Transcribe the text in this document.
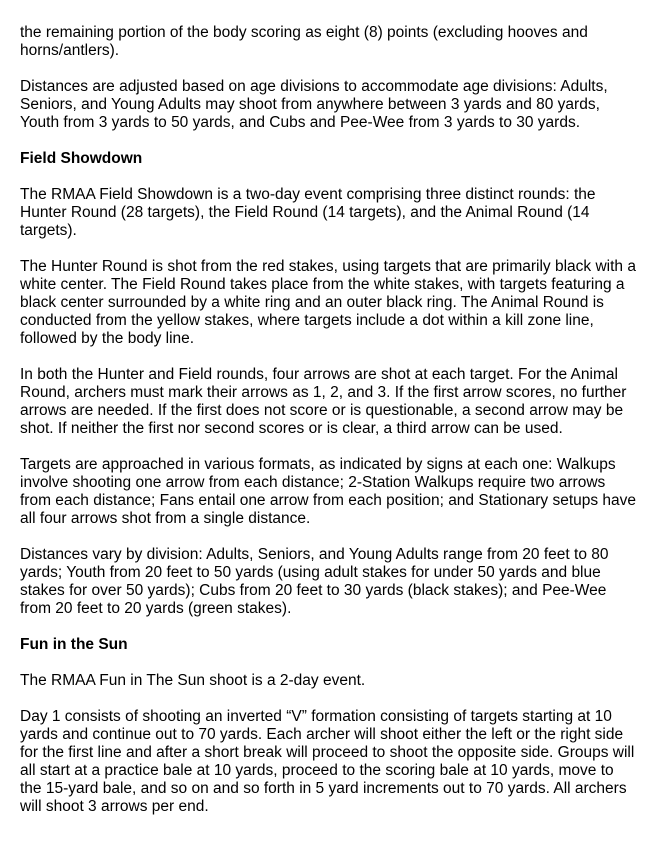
the remaining portion of the body scoring as eight (8) points (excluding hooves and horns/antlers).

Distances are adjusted based on age divisions to accommodate age divisions: Adults, Seniors, and Young Adults may shoot from anywhere between 3 yards and 80 yards, Youth from 3 yards to 50 yards, and Cubs and Pee-Wee from 3 yards to 30 yards.

Field Showdown

The RMAA Field Showdown is a two-day event comprising three distinct rounds: the Hunter Round (28 targets), the Field Round (14 targets), and the Animal Round (14 targets).

The Hunter Round is shot from the red stakes, using targets that are primarily black with a white center. The Field Round takes place from the white stakes, with targets featuring a black center surrounded by a white ring and an outer black ring. The Animal Round is conducted from the yellow stakes, where targets include a dot within a kill zone line, followed by the body line.

In both the Hunter and Field rounds, four arrows are shot at each target. For the Animal Round, archers must mark their arrows as 1, 2, and 3. If the first arrow scores, no further arrows are needed. If the first does not score or is questionable, a second arrow may be shot. If neither the first nor second scores or is clear, a third arrow can be used.

Targets are approached in various formats, as indicated by signs at each one: Walkups involve shooting one arrow from each distance; 2-Station Walkups require two arrows from each distance; Fans entail one arrow from each position; and Stationary setups have all four arrows shot from a single distance.

Distances vary by division: Adults, Seniors, and Young Adults range from 20 feet to 80 yards; Youth from 20 feet to 50 yards (using adult stakes for under 50 yards and blue stakes for over 50 yards); Cubs from 20 feet to 30 yards (black stakes); and Pee-Wee from 20 feet to 20 yards (green stakes).

Fun in the Sun

The RMAA Fun in The Sun shoot is a 2-day event.

Day 1 consists of shooting an inverted “V” formation consisting of targets starting at 10 yards and continue out to 70 yards. Each archer will shoot either the left or the right side for the first line and after a short break will proceed to shoot the opposite side. Groups will all start at a practice bale at 10 yards, proceed to the scoring bale at 10 yards, move to the 15-yard bale, and so on and so forth in 5 yard increments out to 70 yards. All archers will shoot 3 arrows per end.
